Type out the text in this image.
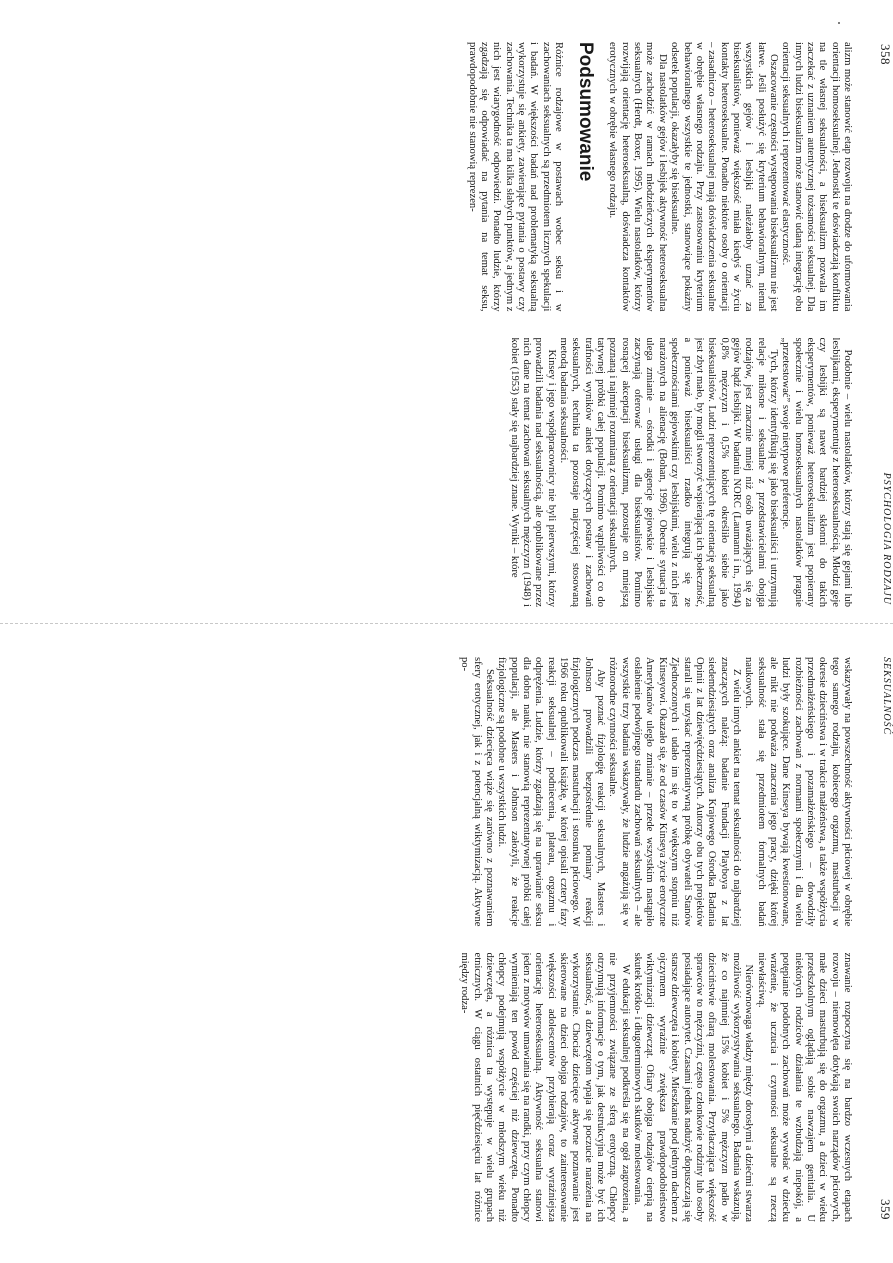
358
PSYCHOLOGIA RODZAJU

alizm może stanowić etap rozwoju na drodze do uformowania orientacji homoseksualnej. Jednostki te doświadczają konfliktu na tle własnej seksualności, a biseksualizm pozwala im zaczekać z uznaniem autentycznej tożsamości seksualnej. Dla innych ludzi biseksualizm może stanowić udaną integrację obu orientacji seksualnych i reprezentować elastyczność.

Oszacowanie częstości występowania biseksualizmu nie jest łatwe. Jeśli posłużyć się kryterium behawioralnym, niemal wszystkich gejów i lesbijki należałoby uznać za biseksualistów, ponieważ większość miała kiedyś w życiu kontakty heteroseksualne. Ponadto niektóre osoby o orientacji – zasadniczo – heteroseksualnej mają doświadczenia seksualne w obrębie własnego rodzaju. Przy zastosowaniu kryterium behawioralnego wszystkie te jednostki, stanowiące pokaźny odsetek populacji, okazałyby się biseksualne.

Dla nastolatków gejów i lesbijek aktywność heteroseksualna może zachodzić w ramach młodzieńczych eksperymentów seksualnych (Herdt, Boxer, 1995). Wielu nastolatków, którzy rozwijają orientację heteroseksualną, doświadcza kontaktów erotycznych w obrębie własnego rodzaju.

Podsumowanie

Różnice rodzajowe w postawach wobec seksu i w zachowaniach seksualnych są przedmiotem licznych spekulacji i badań. W większości badań nad problematyką seksualną wykorzystuje się ankiety, zawierające pytania o postawy czy zachowania. Technika ta ma kilka słabych punktów, a jednym z nich jest wiarygodność odpowiedzi. Ponadto ludzie, którzy zgadzają się odpowiadać na pytania na temat seksu, prawdopodobnie nie stanowią reprezen-

Podobnie – wielu nastolatków, którzy stają się gejami lub lesbijkami, eksperymentuje z heteroseksualnością. Młodzi geje czy lesbijki są nawet bardziej skłonni do takich eksperymentów, ponieważ heteroseksualizm jest popierany społecznie i wielu homoseksualnych nastolatków pragnie „przetestować” swoje nietypowe preferencje.

Tych, którzy identyfikują się jako biseksualiści i utrzymują relacje miłosne i seksualne z przedstawicielami obojga rodzajów, jest znacznie mniej niż osób uważających się za gejów bądź lesbijki. W badaniu NORC (Laumann i in., 1994) 0,8% mężczyzn i 0,5% kobiet określiło siebie jako biseksualistów. Ludzi reprezentujących tę orientację seksualną jest zbyt mało, by mogli stworzyć wspierającą ich społeczność, a ponieważ biseksualiści rzadko integrują się ze społecznościami gejowskimi czy lesbijskimi, wielu z nich jest narażonych na alienację (Bohan, 1996). Obecnie sytuacja ta ulega zmianie – ośrodki i agencje gejowskie i lesbijskie zaczynają oferować usługi dla biseksualistów. Pomimo rosnącej akceptacji biseksualizmu, pozostaje on mniejszą poznaną i najmniej rozumianą z orientacji seksualnych.

tatywnej próbki całej populacji. Pomimo wątpliwości co do trafności wyników ankiet dotyczących postaw i zachowań seksualnych, technika ta pozostaje najczęściej stosowaną metodą badania seksualności.

Kinsey i jego współpracownicy nie byli pierwszymi, którzy prowadzili badania nad seksualnością, ale opublikowane przez nich dane na temat zachowań seksualnych mężczyzn (1948) i kobiet (1953) stały się najbardziej znane. Wyniki – które

SEKSUALNOŚĆ
359

wskazywały na powszechność aktywności płciowej w obrębie tego samego rodzaju, kobiecego orgazmu, masturbacji w okresie dzieciństwa i w trakcie małżeństwa, a także współżycia przedmałżeńskiego i pozamałżeńskiego – dowodziły rozbieżności zachowań z normami społecznymi i dla wielu ludzi były szokujące. Dane Kinseya bywają kwestionowane, ale nikt nie podważa znaczenia jego pracy, dzięki której seksualność stała się przedmiotem formalnych badań naukowych.

Z wielu innych ankiet na temat seksualności do najbardziej znaczących należą: badanie Fundacji Playboya z lat siedemdziesiątych oraz analiza Krajowego Ośrodka Badania Opinii z lat dziewięćdziesiątych. Autorzy obu tych projektów starali się uzyskać reprezentatywną próbkę obywateli Stanów Zjednoczonych i udało im się to w większym stopniu niż Kinseyowi. Okazało się, że od czasów Kinseya życie erotyczne Amerykanów uległo zmianie – przede wszystkim nastąpiło osłabienie podwójnego standardu zachowań seksualnych – ale wszystkie trzy badania wskazywały, że ludzie angażują się w różnorodne czynności seksualne.

Aby poznać fizjologię reakcji seksualnych, Masters i Johnson prowadzili bezpośrednie pomiary reakcji fizjologicznych podczas masturbacji i stosunku płciowego. W 1966 roku opublikowali książkę, w której opisali cztery fazy reakcji seksualnej – podniecenia, plateau, orgazmu i odprężenia. Ludzie, którzy zgadzają się na uprawianie seksu dla dobra nauki, nie stanowią reprezentatywnej próbki całej populacji, ale Masters i Johnson założyli, że reakcje fizjologiczne są podobne u wszystkich ludzi.

Seksualność dziecięca wiąże się zarówno z poznawaniem sfery erotycznej, jak i z potencjalną wiktymizacją. Aktywne po-

znawanie rozpoczyna się na bardzo wczesnych etapach rozwoju – niemowlęta dotykają swoich narządów płciowych, małe dzieci masturbują się do orgazmu, a dzieci w wieku przedszkolnym oglądają sobie nawzajem genitalia. U niektórych rodziców działania te wzbudzają niepokój, a potępianie podobnych zachowań może wywołać w dziecku wrażenie, że uczucia i czynności seksualne są rzeczą niewłaściwą.

Nierównowaga władzy między dorosłymi a dziećmi stwarza możliwość wykorzystywania seksualnego. Badania wskazują, że co najmniej 15% kobiet i 5% mężczyzn padło w dzieciństwie ofiarą molestowania. Przytłaczająca większość sprawców to mężczyźni, często członkowie rodziny lub osoby posiadające autorytet. Czasami jednak nadużyć dopuszczają się starsze dziewczęta i kobiety. Mieszkanie pod jednym dachem z ojczymem wyraźnie zwiększa prawdopodobieństwo wiktymizacji dziewcząt. Ofiary obojga rodzajów cierpią na skutek krótko- i długoterminowych skutków molestowania.

W edukacji seksualnej podkreśla się na ogół zagrożenia, a nie przyjemności związane ze sferą erotyczną. Chłopcy otrzymują informacje o tym, jak destrukcyjna może być ich seksualność, a dziewczętom wpaja się poczucie narażenia na wykorzystanie. Chociaż dziecięce aktywne poznawanie jest skierowane na dzieci obojga rodzajów, to zainteresowanie większości adolescentów przybierają coraz wyraźniejsza orientację heteroseksualną. Aktywność seksualna stanowi jeden z motywów umawiania się na randki, przy czym chłopcy wymieniają ten powód częściej niż dziewczęta. Ponadto chłopcy podejmują współżycie w młodszym wieku niż dziewczęta, a różnica ta występuje w wielu grupach etnicznych. W ciągu ostatnich pięćdziesięciu lat różnice między rodza-
